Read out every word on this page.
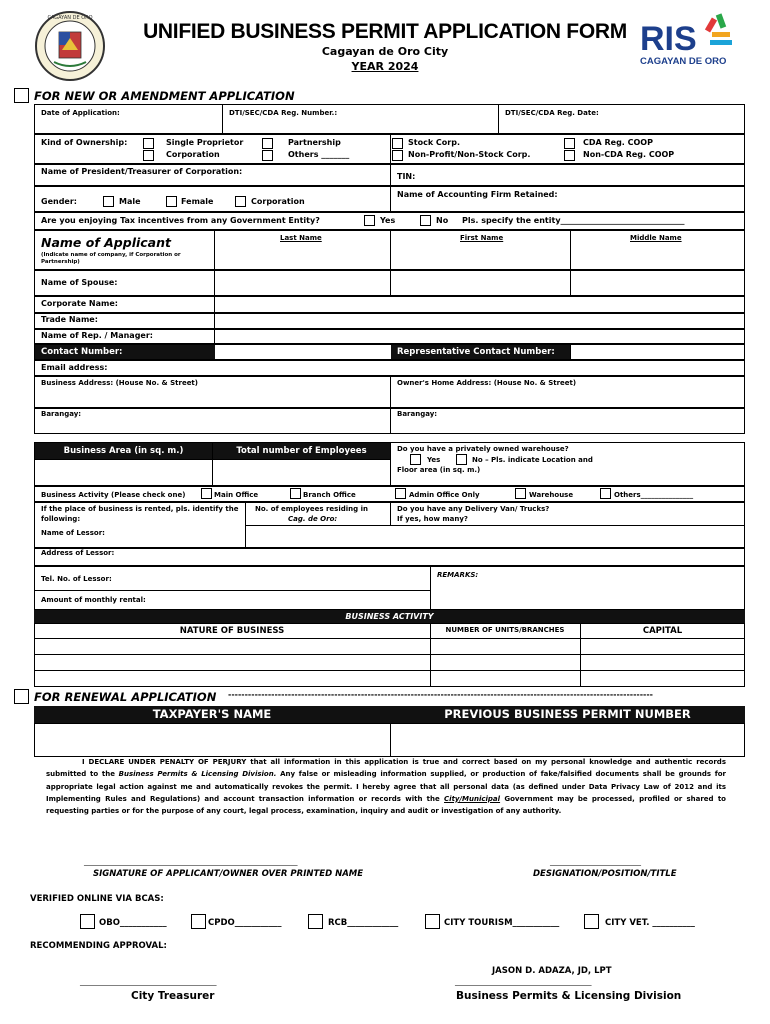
CAGAYAN DE ORO
UNIFIED BUSINESS PERMIT APPLICATION FORM
Cagayan de Oro City
YEAR 2024
RIS
CAGAYAN DE ORO
FOR NEW OR AMENDMENT APPLICATION
Date of Application:	DTI/SEC/CDA Reg. Number.:	DTI/SEC/CDA Reg. Date:
Kind of Ownership:	Single Proprietor
Corporation
Partnership
Others _______
Stock Corp.
Non-Profit/Non-Stock Corp.
CDA Reg. COOP
Non-CDA Reg. COOP
Name of President/Treasurer of Corporation:
TIN:
Gender:	Male	Female	Corporation
Name of Accounting Firm Retained:
Are you enjoying Tax incentives from any Government Entity?	Yes	No Pls. specify the entity_______________________________
Name of Applicant
(Indicate name of company, if Corporation or Partnership)
Last Name	First Name	Middle Name
Name of Spouse:
Corporate Name:
Trade Name:
Name of Rep. / Manager:
Contact Number:	Representative Contact Number:
Email address:
Business Address: (House No. & Street)	Owner's Home Address: (House No. & Street)
Barangay:	Barangay:
Business Area (in sq. m.)	Total number of Employees	Do you have a privately owned warehouse?
Yes	No – Pls. indicate Location and
Floor area (in sq. m.)
Business Activity (Please check one)	Main Office	Branch Office	Admin Office Only	Warehouse	Others_______________
If the place of business is rented, pls. identify the following:
No. of employees residing in
Cag. de Oro:
Do you have any Delivery Van/ Trucks?
If yes, how many?
Name of Lessor:
Address of Lessor:
Tel. No. of Lessor:	REMARKS:
Amount of monthly rental:
BUSINESS ACTIVITY
NATURE OF BUSINESS	NUMBER OF UNITS/BRANCHES	CAPITAL
FOR RENEWAL APPLICATION --------------------------------------------------------------------------------------------------------------------------------
TAXPAYER'S NAME	PREVIOUS BUSINESS PERMIT NUMBER
I DECLARE UNDER PENALTY OF PERJURY that all information in this application is true and correct based on my personal knowledge and authentic records submitted to the Business Permits & Licensing Division. Any false or misleading information supplied, or production of fake/falsified documents shall be grounds for appropriate legal action against me and automatically revokes the permit. I hereby agree that all personal data (as defined under Data Privacy Law of 2012 and its Implementing Rules and Regulations) and account transaction information or records with the City/Municipal Government may be processed, profiled or shared to requesting parties or for the purpose of any court, legal process, examination, inquiry and audit or investigation of any authority.
_____________________________________________________________
SIGNATURE OF APPLICANT/OWNER OVER PRINTED NAME
__________________________
DESIGNATION/POSITION/TITLE
VERIFIED ONLINE VIA BCAS:
OBO___________	CPDO___________	RCB____________	CITY TOURISM___________	CITY VET. __________
RECOMMENDING APPROVAL:
JASON D. ADAZA, JD, LPT
_______________________________________	_______________________________________
City Treasurer	Business Permits & Licensing Division
